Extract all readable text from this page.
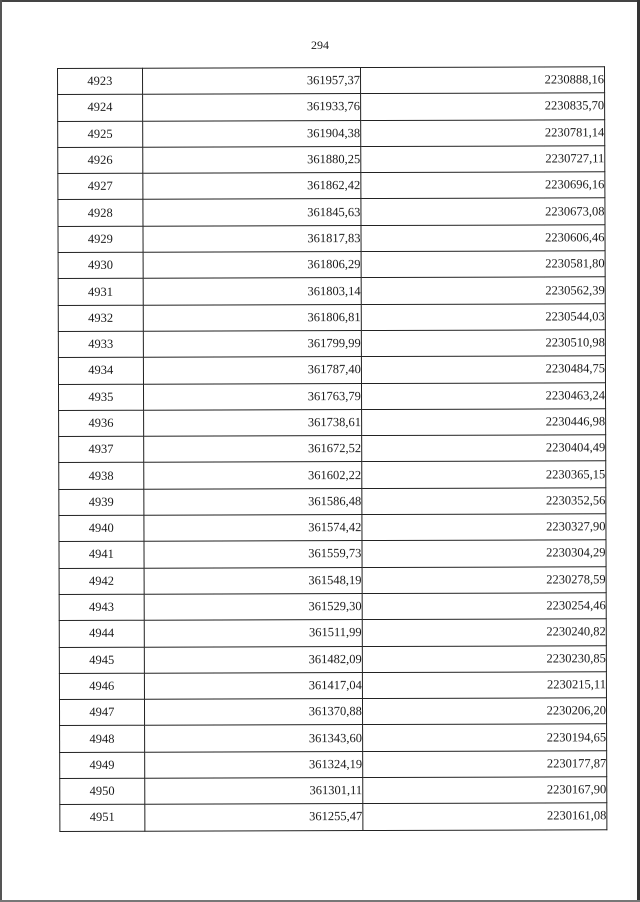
294
4923	361957,37	2230888,16
4924	361933,76	2230835,70
4925	361904,38	2230781,14
4926	361880,25	2230727,11
4927	361862,42	2230696,16
4928	361845,63	2230673,08
4929	361817,83	2230606,46
4930	361806,29	2230581,80
4931	361803,14	2230562,39
4932	361806,81	2230544,03
4933	361799,99	2230510,98
4934	361787,40	2230484,75
4935	361763,79	2230463,24
4936	361738,61	2230446,98
4937	361672,52	2230404,49
4938	361602,22	2230365,15
4939	361586,48	2230352,56
4940	361574,42	2230327,90
4941	361559,73	2230304,29
4942	361548,19	2230278,59
4943	361529,30	2230254,46
4944	361511,99	2230240,82
4945	361482,09	2230230,85
4946	361417,04	2230215,11
4947	361370,88	2230206,20
4948	361343,60	2230194,65
4949	361324,19	2230177,87
4950	361301,11	2230167,90
4951	361255,47	2230161,08
